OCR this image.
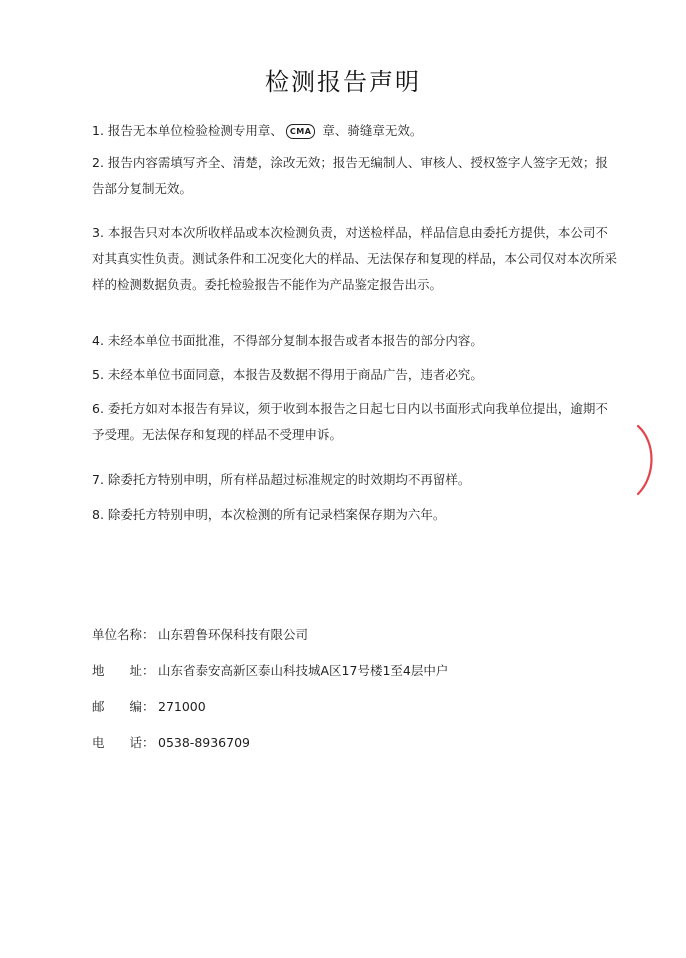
检测报告声明
1. 报告无本单位检验检测专用章、 CMA 章、骑缝章无效。
2. 报告内容需填写齐全、清楚，涂改无效；报告无编制人、审核人、授权签字人签字无效；报告部分复制无效。
3. 本报告只对本次所收样品或本次检测负责，对送检样品，样品信息由委托方提供，本公司不对其真实性负责。测试条件和工况变化大的样品、无法保存和复现的样品，本公司仅对本次所采样的检测数据负责。委托检验报告不能作为产品鉴定报告出示。
4. 未经本单位书面批准，不得部分复制本报告或者本报告的部分内容。
5. 未经本单位书面同意，本报告及数据不得用于商品广告，违者必究。
6. 委托方如对本报告有异议，须于收到本报告之日起七日内以书面形式向我单位提出，逾期不予受理。无法保存和复现的样品不受理申诉。
7. 除委托方特别申明，所有样品超过标准规定的时效期均不再留样。
8. 除委托方特别申明，本次检测的所有记录档案保存期为六年。
单位名称： 山东碧鲁环保科技有限公司
地　　址： 山东省泰安高新区泰山科技城A区17号楼1至4层中户
邮　　编： 271000
电　　话： 0538-8936709
